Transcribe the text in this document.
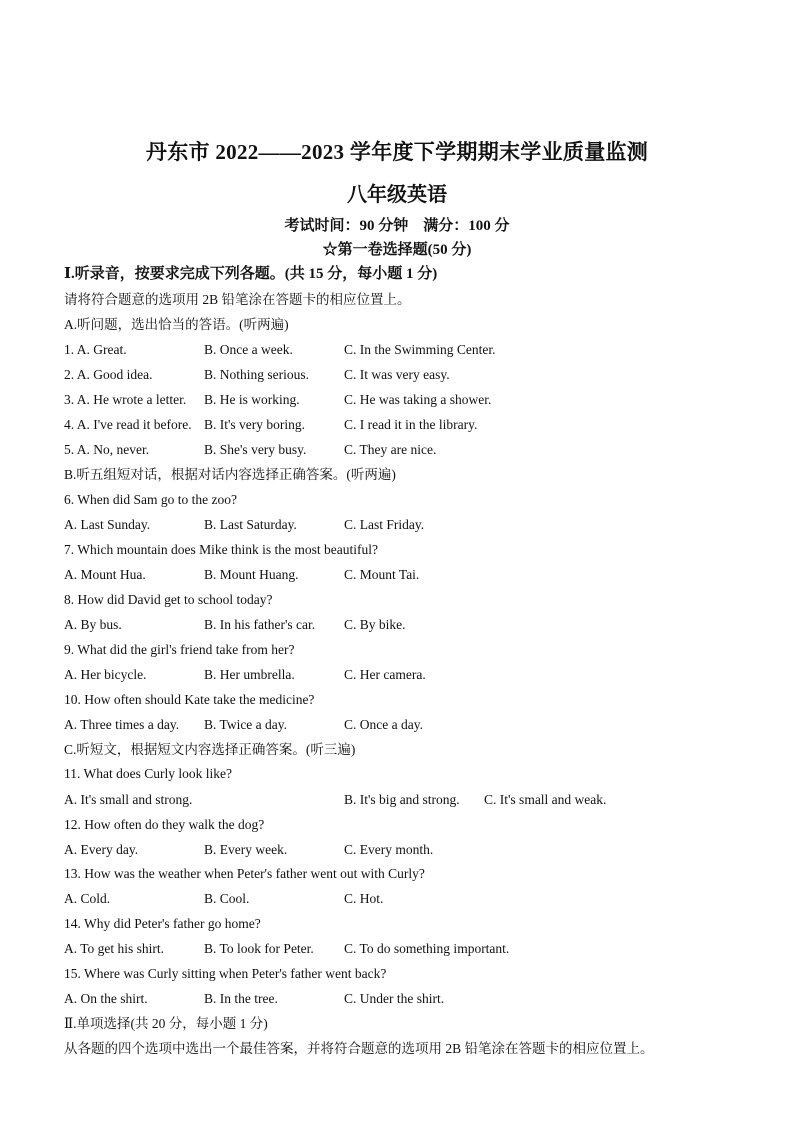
丹东市 2022——2023 学年度下学期期末学业质量监测
八年级英语
考试时间：90 分钟　满分：100 分
☆第一卷选择题(50 分)
Ⅰ.听录音，按要求完成下列各题。(共 15 分，每小题 1 分)
请将符合题意的选项用 2B 铅笔涂在答题卡的相应位置上。
A.听问题，选出恰当的答语。(听两遍)
1. A. Great.	B. Once a week.	C. In the Swimming Center.
2. A. Good idea.	B. Nothing serious.	C. It was very easy.
3. A. He wrote a letter. B. He is working.	C. He was taking a shower.
4. A. I've read it before. B. It's very boring.	C. I read it in the library.
5. A. No, never.	B. She's very busy.	C. They are nice.
B.听五组短对话，根据对话内容选择正确答案。(听两遍)
6. When did Sam go to the zoo?
A. Last Sunday.	B. Last Saturday.	C. Last Friday.
7. Which mountain does Mike think is the most beautiful?
A. Mount Hua.	B. Mount Huang.	C. Mount Tai.
8. How did David get to school today?
A. By bus.	B. In his father's car. C. By bike.
9. What did the girl's friend take from her?
A. Her bicycle.	B. Her umbrella.	C. Her camera.
10. How often should Kate take the medicine?
A. Three times a day. B. Twice a day.	C. Once a day.
C.听短文，根据短文内容选择正确答案。(听三遍)
11. What does Curly look like?
A. It's small and strong.	B. It's big and strong. C. It's small and weak.
12. How often do they walk the dog?
A. Every day.	B. Every week.	C. Every month.
13. How was the weather when Peter's father went out with Curly?
A. Cold.	B. Cool.	C. Hot.
14. Why did Peter's father go home?
A. To get his shirt.	B. To look for Peter. C. To do something important.
15. Where was Curly sitting when Peter's father went back?
A. On the shirt.	B. In the tree.	C. Under the shirt.
Ⅱ.单项选择(共 20 分，每小题 1 分)
从各题的四个选项中选出一个最佳答案，并将符合题意的选项用 2B 铅笔涂在答题卡的相应位置上。
